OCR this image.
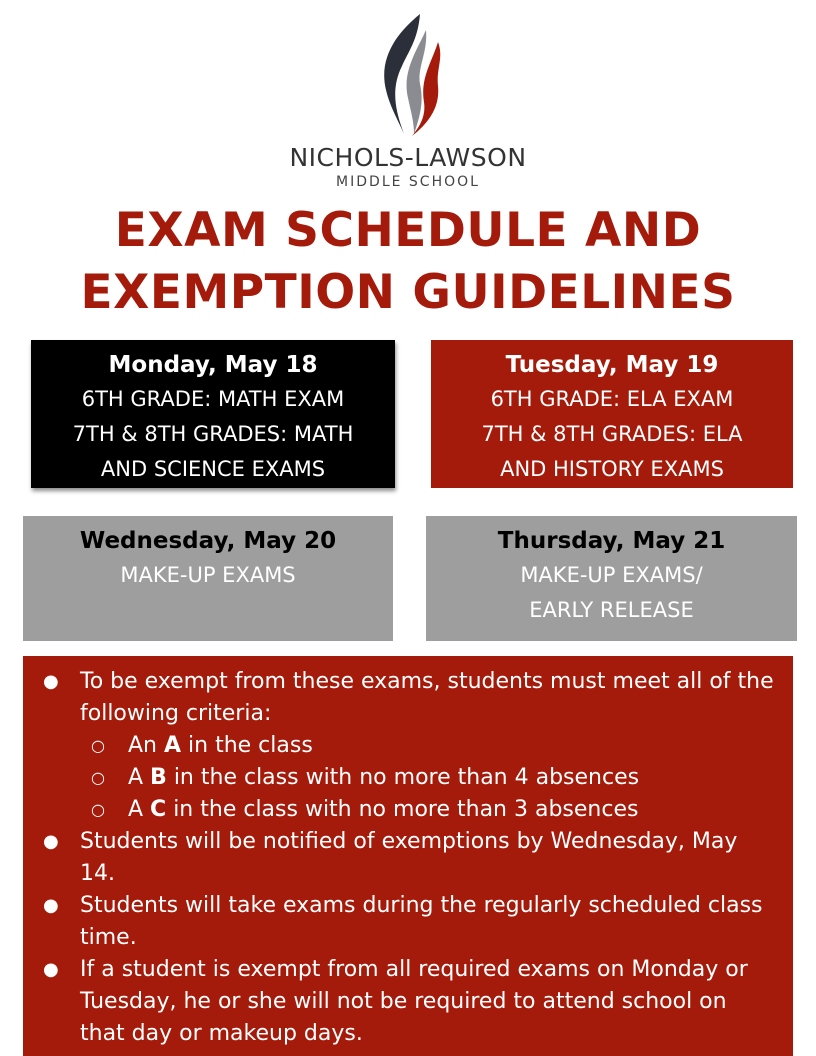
NICHOLS-LAWSON
MIDDLE SCHOOL
EXAM SCHEDULE AND
EXEMPTION GUIDELINES
Monday, May 18
6TH GRADE: MATH EXAM
7TH & 8TH GRADES: MATH
AND SCIENCE EXAMS
Tuesday, May 19
6TH GRADE: ELA EXAM
7TH & 8TH GRADES: ELA
AND HISTORY EXAMS
Wednesday, May 20
MAKE-UP EXAMS
Thursday, May 21
MAKE-UP EXAMS/
EARLY RELEASE
● To be exempt from these exams, students must meet all of the
following criteria:
○ An A in the class
○ A B in the class with no more than 4 absences
○ A C in the class with no more than 3 absences
● Students will be notified of exemptions by Wednesday, May
14.
● Students will take exams during the regularly scheduled class
time.
● If a student is exempt from all required exams on Monday or
Tuesday, he or she will not be required to attend school on
that day or makeup days.
